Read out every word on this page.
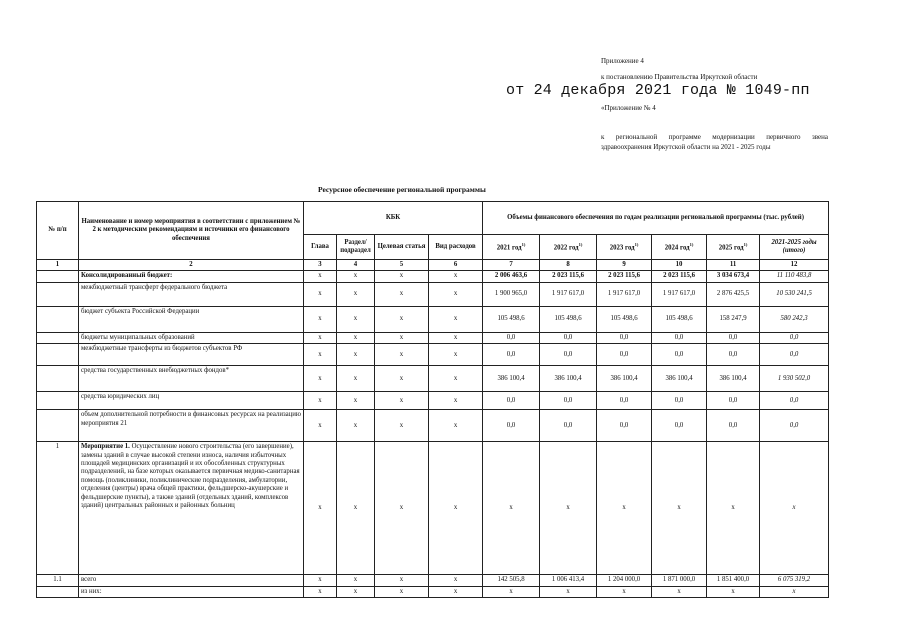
Приложение 4
к постановлению Правительства Иркутской области
от 24 декабря 2021 года № 1049-пп
«Приложение № 4
к региональной программе модернизации первичного звена
здравоохранения Иркутской области на 2021 - 2025 годы
Ресурсное обеспечение региональной программы
№ п/п	Наименование и номер мероприятия в соответствии с приложением № 2 к методическим рекомендациям и источники его финансового обеспечения	КБК				Объемы финансового обеспечения по годам реализации региональной программы (тыс. рублей)					
		Глава	Раздел/ подраздел	Целевая статья	Вид расходов	2021 год$^{1)}$	2022 год$^{1)}$	2023 год$^{1)}$	2024 год$^{1)}$	2025 год$^{1)}$	2021-2025 годы (итого)
1	2	3	4	5	6	7	8	9	10	11	12
	Консолидированный бюджет:	x	x	x	x	2 006 463,6	2 023 115,6	2 023 115,6	2 023 115,6	3 034 673,4	11 110 483,8
	межбюджетный трансферт федерального бюджета	x	x	x	x	1 900 965,0	1 917 617,0	1 917 617,0	1 917 617,0	2 876 425,5	10 530 241,5
	бюджет субъекта Российской Федерации	x	x	x	x	105 498,6	105 498,6	105 498,6	105 498,6	158 247,9	580 242,3
	бюджеты муниципальных образований	x	x	x	x	0,0	0,0	0,0	0,0	0,0	0,0
	межбюджетные трансферты из бюджетов субъектов РФ	x	x	x	x	0,0	0,0	0,0	0,0	0,0	0,0
	средства государственных внебюджетных фондов*	x	x	x	x	386 100,4	386 100,4	386 100,4	386 100,4	386 100,4	1 930 502,0
	средства юридических лиц	x	x	x	x	0,0	0,0	0,0	0,0	0,0	0,0
	объем дополнительной потребности в финансовых ресурсах на реализацию мероприятия 21	x	x	x	x	0,0	0,0	0,0	0,0	0,0	0,0
1	Мероприятие 1. Осуществление нового строительства (его завершение), замены зданий в случае высокой степени износа, наличия избыточных площадей медицинских организаций и их обособленных структурных подразделений, на базе которых оказывается первичная медико-санитарная помощь (поликлиники, поликлинические подразделения, амбулатории, отделения (центры) врача общей практики, фельдшерско-акушерские и фельдшерские пункты), а также зданий (отдельных зданий, комплексов зданий) центральных районных и районных больниц	x	x	x	x	x	x	x	x	x	x
1.1	всего	x	x	x	x	142 505,8	1 006 413,4	1 204 000,0	1 871 000,0	1 851 400,0	6 075 319,2
	из них:	x	x	x	x	x	x	x	x	x	x
